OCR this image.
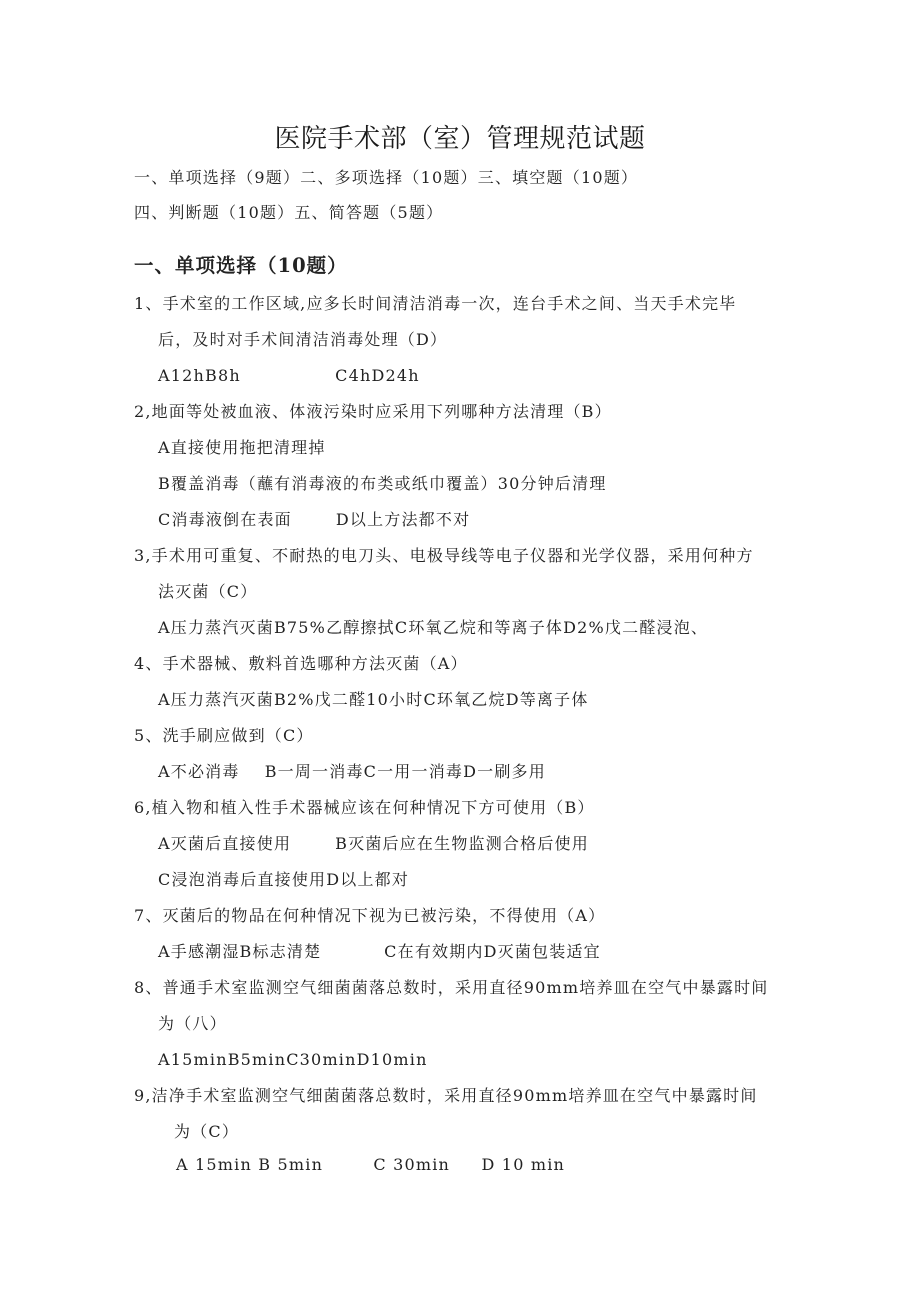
医院手术部（室）管理规范试题
一、单项选择（9题）二、多项选择（10题）三、填空题（10题）
四、判断题（10题）五、简答题（5题）
一、单项选择（10题）
1、手术室的工作区域,应多长时间清洁消毒一次，连台手术之间、当天手术完毕
后，及时对手术间清洁消毒处理（D）
A12hB8h               C4hD24h
2,地面等处被血液、体液污染时应采用下列哪种方法清理（B）
A直接使用拖把清理掉
B覆盖消毒（蘸有消毒液的布类或纸巾覆盖）30分钟后清理
C消毒液倒在表面       D以上方法都不对
3,手术用可重复、不耐热的电刀头、电极导线等电子仪器和光学仪器，采用何种方
法灭菌（C）
A压力蒸汽灭菌B75%乙醇擦拭C环氧乙烷和等离子体D2%戊二醛浸泡、
4、手术器械、敷料首选哪种方法灭菌（A）
A压力蒸汽灭菌B2%戊二醛10小时C环氧乙烷D等离子体
5、洗手刷应做到（C）
A不必消毒    B一周一消毒C一用一消毒D一刷多用
6,植入物和植入性手术器械应该在何种情况下方可使用（B）
A灭菌后直接使用       B灭菌后应在生物监测合格后使用
C浸泡消毒后直接使用D以上都对
7、灭菌后的物品在何种情况下视为已被污染，不得使用（A）
A手感潮湿B标志清楚          C在有效期内D灭菌包装适宜
8、普通手术室监测空气细菌菌落总数时，采用直径90mm培养皿在空气中暴露时间
为（八）
A15minB5minC30minD10min
9,洁净手术室监测空气细菌菌落总数时，采用直径90mm培养皿在空气中暴露时间
为（C）
A 15min B 5min        C 30min     D 10 min
